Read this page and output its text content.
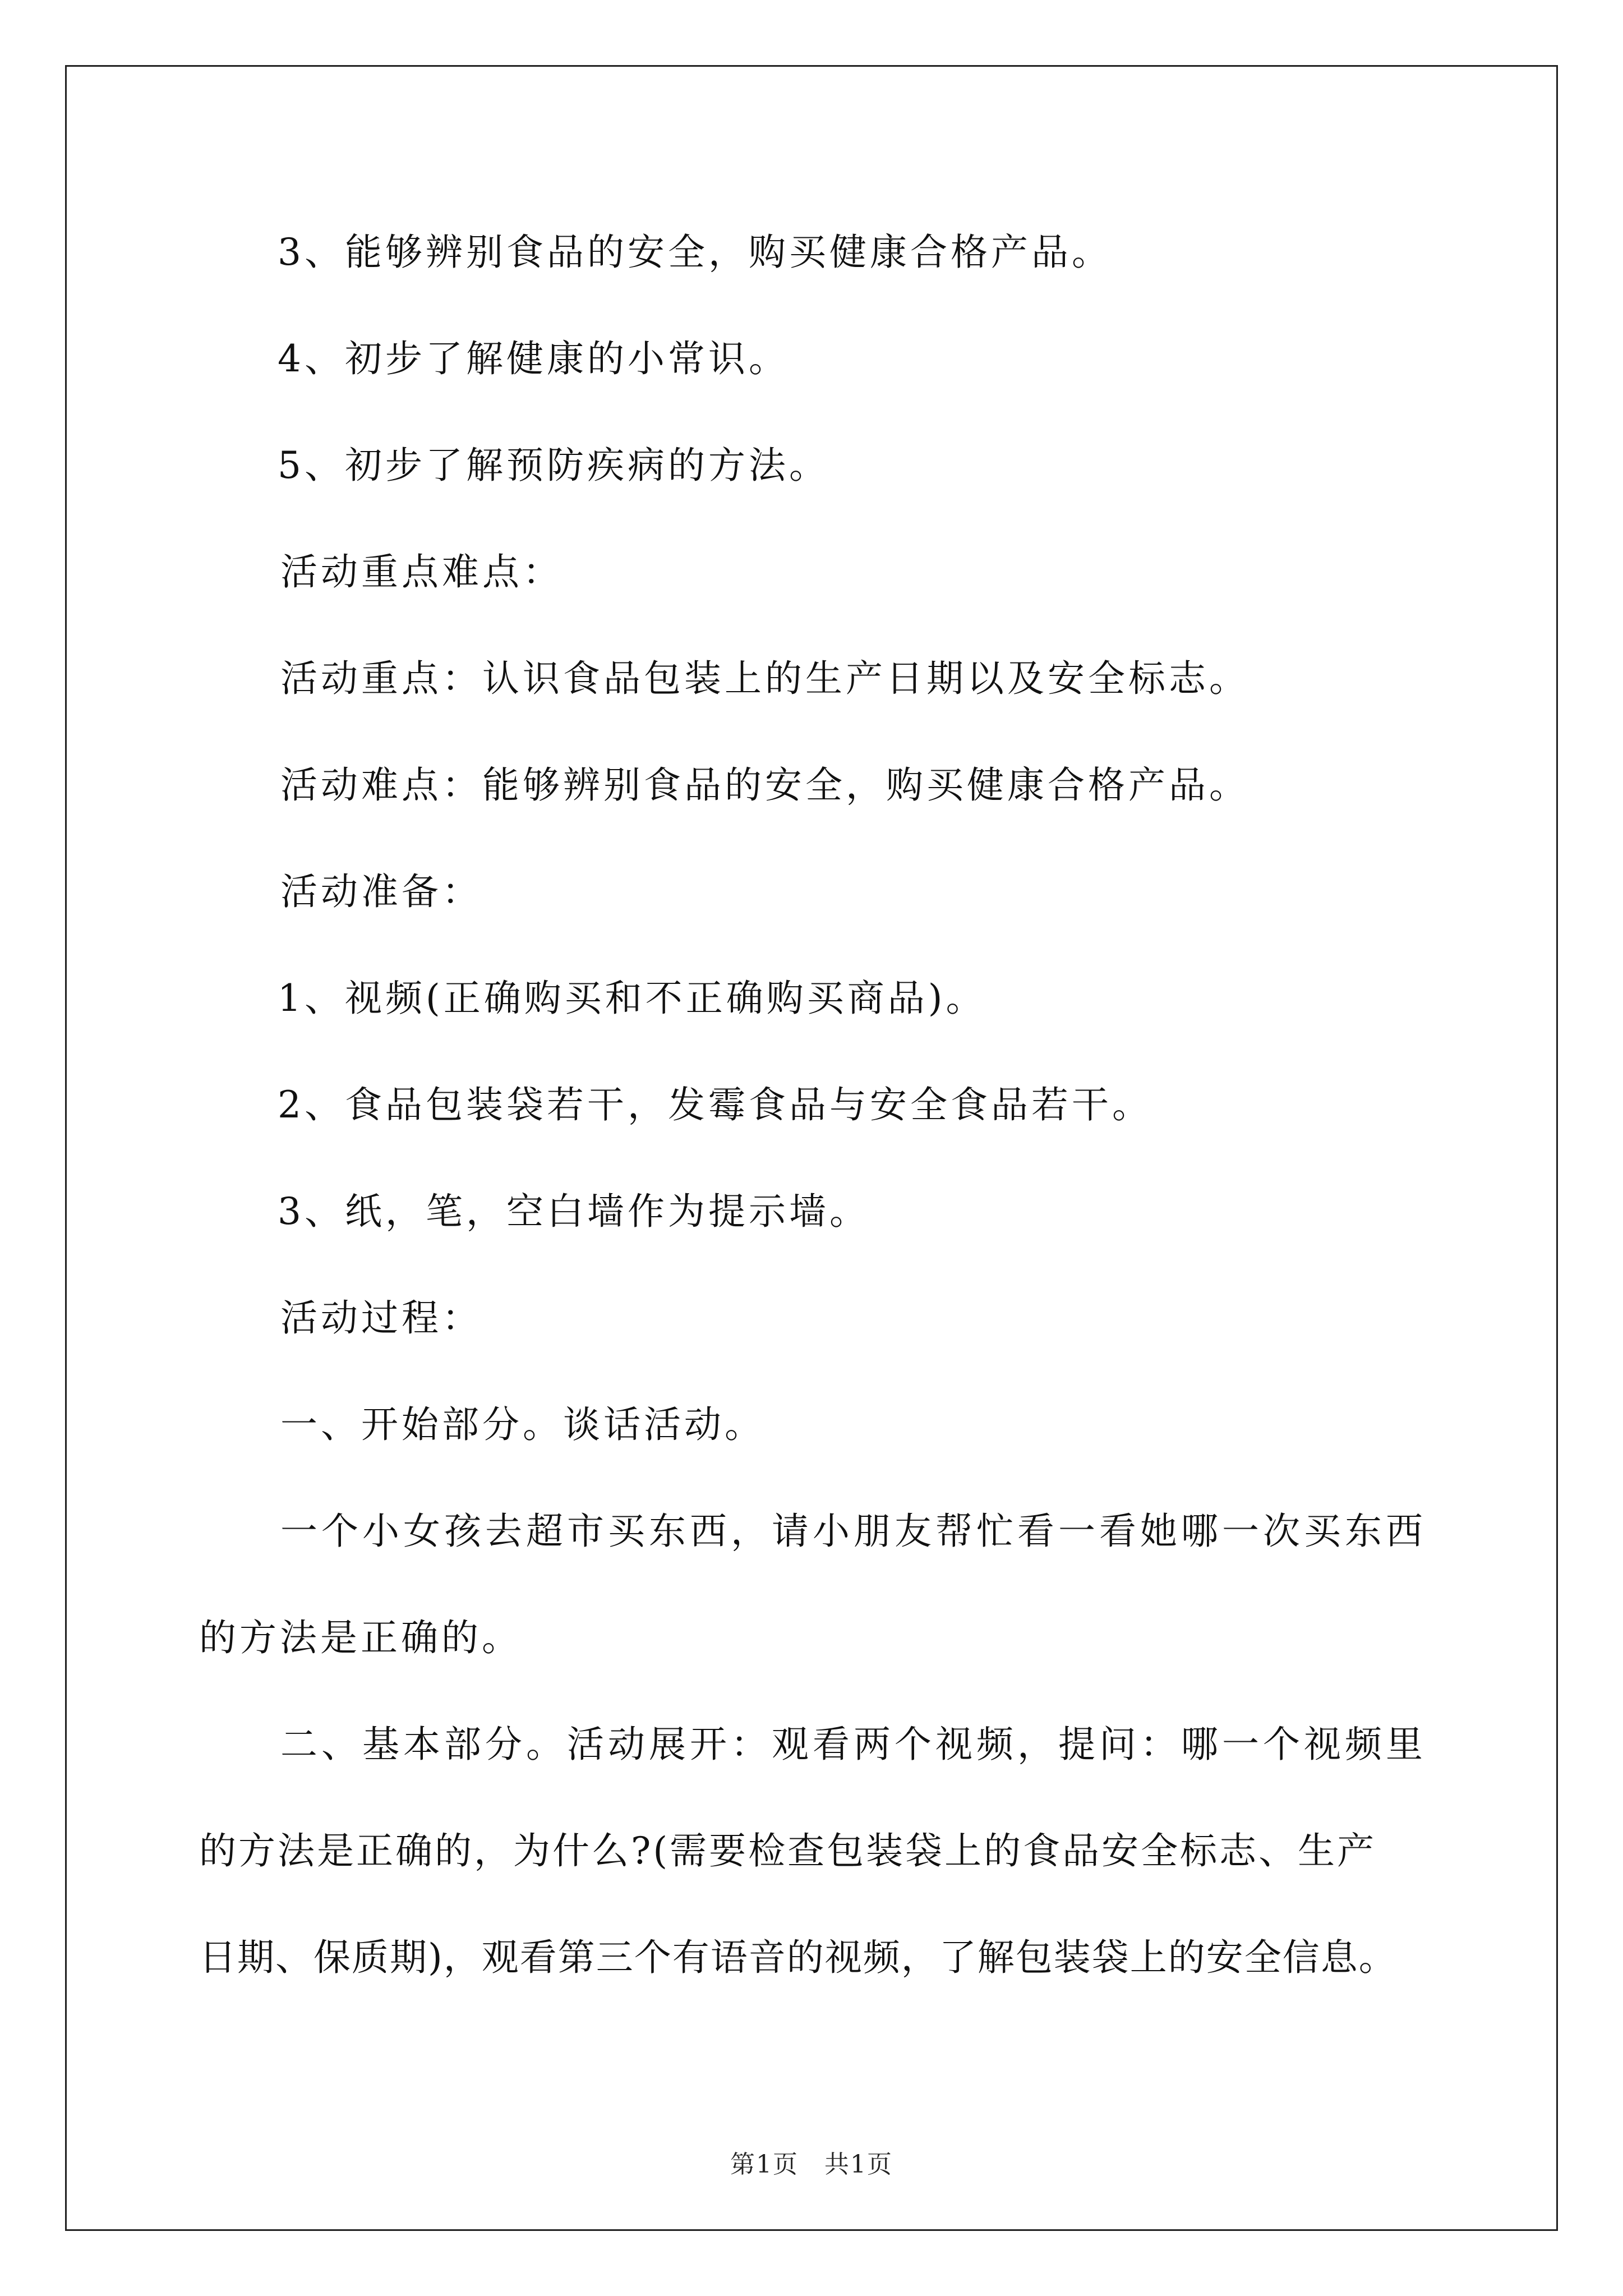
3、能够辨别食品的安全，购买健康合格产品。
4、初步了解健康的小常识。
5、初步了解预防疾病的方法。
活动重点难点：
活动重点：认识食品包装上的生产日期以及安全标志。
活动难点：能够辨别食品的安全，购买健康合格产品。
活动准备：
1、视频(正确购买和不正确购买商品)。
2、食品包装袋若干，发霉食品与安全食品若干。
3、纸，笔，空白墙作为提示墙。
活动过程：
一、开始部分。谈话活动。
一个小女孩去超市买东西，请小朋友帮忙看一看她哪一次买东西
的方法是正确的。
二、基本部分。活动展开：观看两个视频，提问：哪一个视频里
的方法是正确的，为什么?(需要检查包装袋上的食品安全标志、生产
日期、保质期)，观看第三个有语音的视频，了解包装袋上的安全信息。
第1页　共1页
